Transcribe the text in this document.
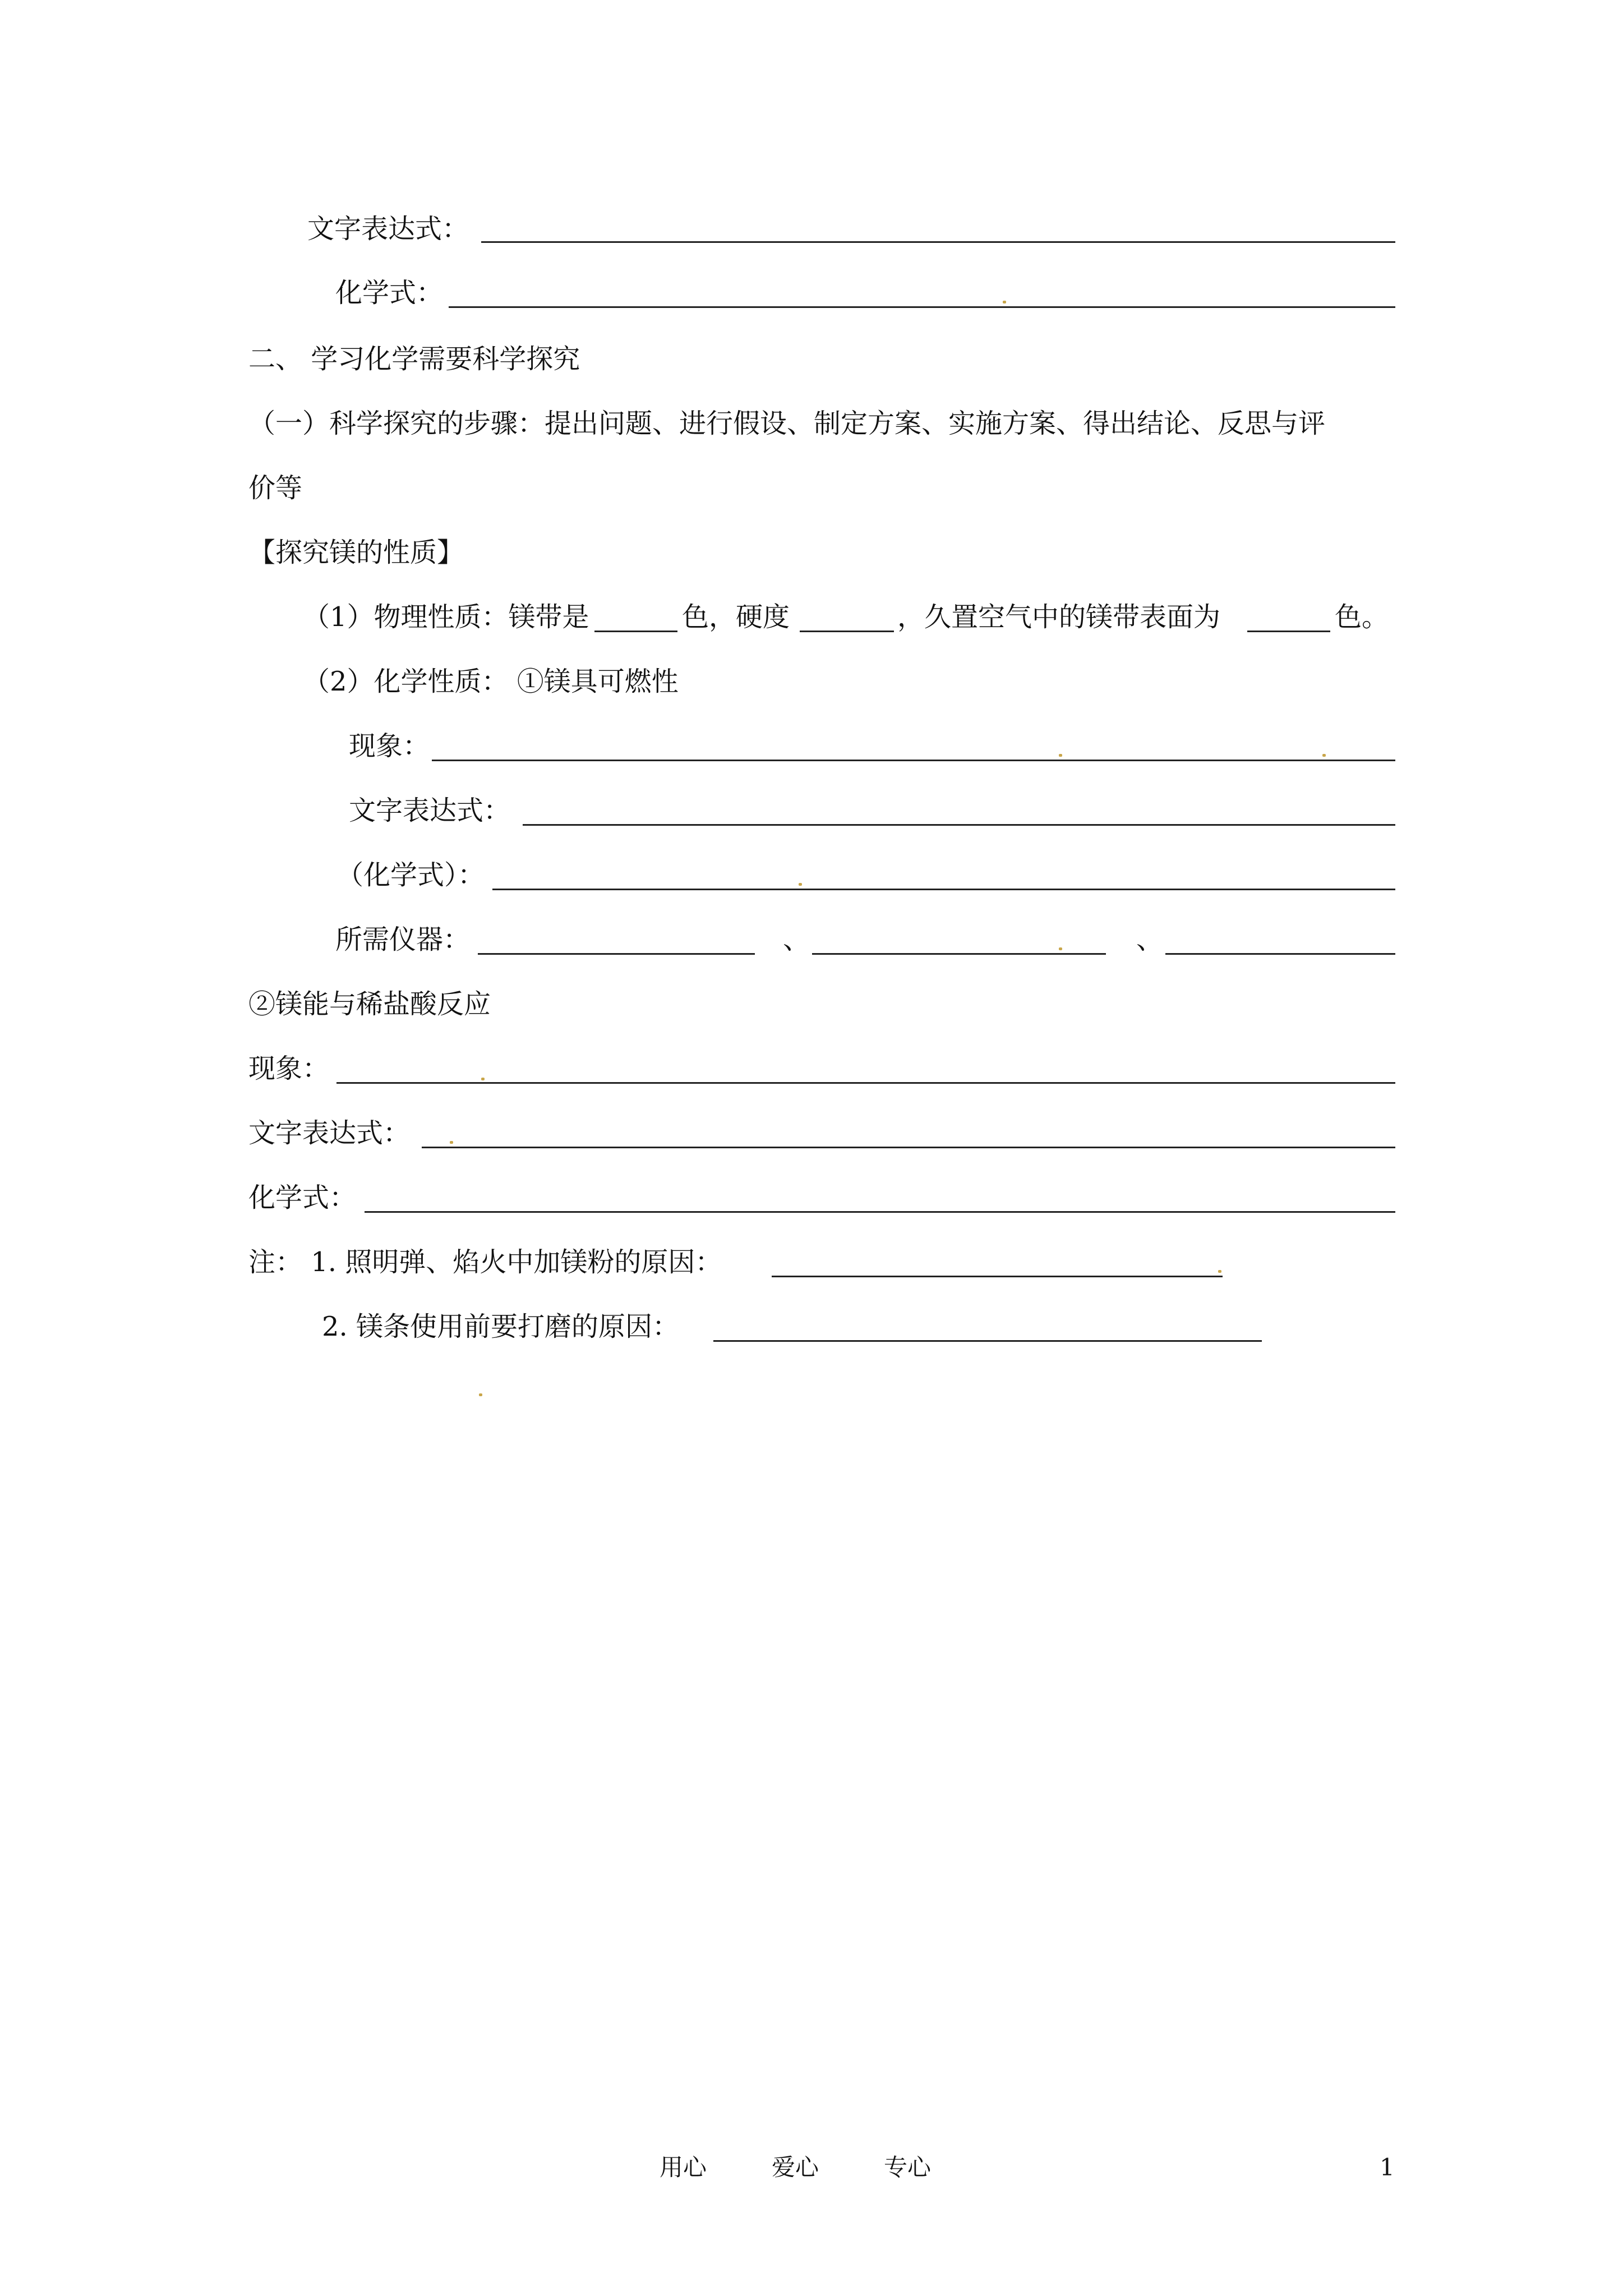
文字表达式：
化学式：
二、 学习化学需要科学探究
（一）科学探究的步骤：提出问题、进行假设、制定方案、实施方案、得出结论、反思与评
价等
【探究镁的性质】
（1）物理性质：镁带是	色，硬度	，久置空气中的镁带表面为	色。
（2）化学性质： ①镁具可燃性
现象：
文字表达式：
（化学式）：
所需仪器：	、	、
②镁能与稀盐酸反应
现象：
文字表达式：
化学式：
注： 1. 照明弹、焰火中加镁粉的原因：
2. 镁条使用前要打磨的原因：
用心	爱心	专心	1
